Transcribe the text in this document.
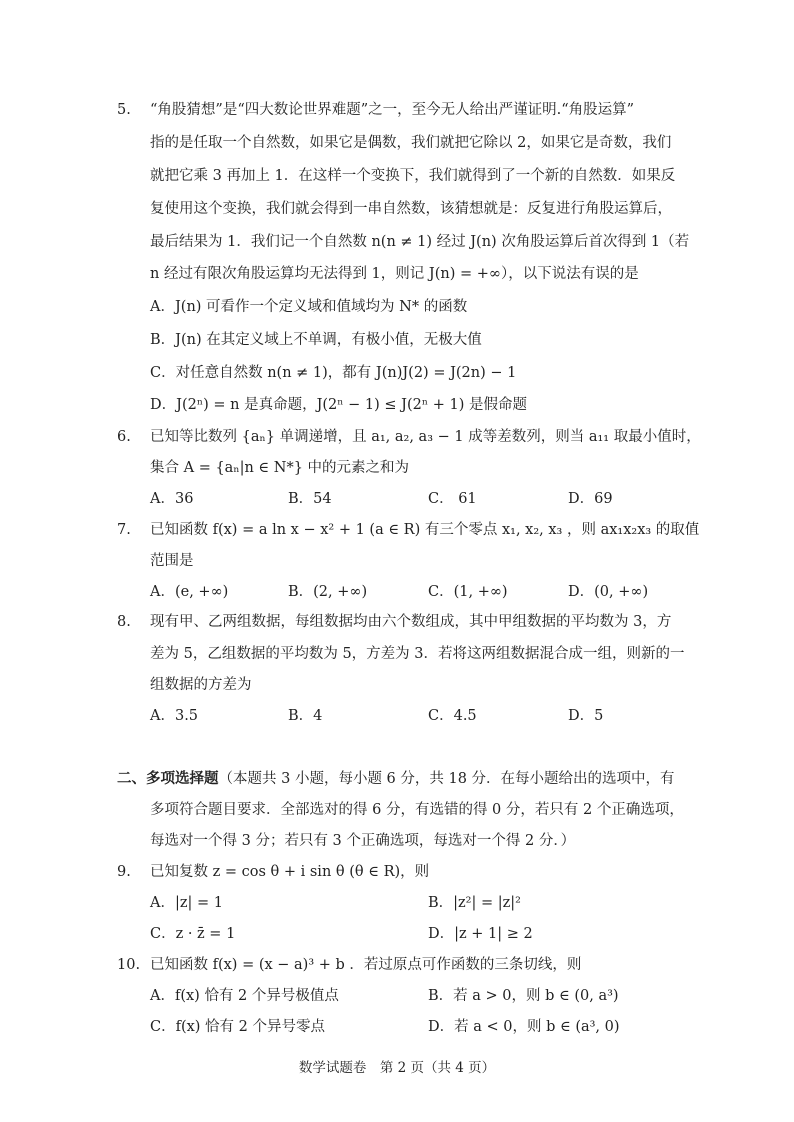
5. “角股猜想”是“四大数论世界难题”之一，至今无人给出严谨证明.“角股运算”
指的是任取一个自然数，如果它是偶数，我们就把它除以 2，如果它是奇数，我们
就把它乘 3 再加上 1．在这样一个变换下，我们就得到了一个新的自然数．如果反
复使用这个变换，我们就会得到一串自然数，该猜想就是：反复进行角股运算后，
最后结果为 1．我们记一个自然数 n(n ≠ 1) 经过 J(n) 次角股运算后首次得到 1（若
n 经过有限次角股运算均无法得到 1，则记 J(n) = +∞），以下说法有误的是
A．J(n) 可看作一个定义域和值域均为 N* 的函数
B．J(n) 在其定义域上不单调，有极小值，无极大值
C．对任意自然数 n(n ≠ 1)，都有 J(n)J(2) = J(2n) − 1
D．J(2ⁿ) = n 是真命题，J(2ⁿ − 1) ≤ J(2ⁿ + 1) 是假命题
6. 已知等比数列 {aₙ} 单调递增，且 a₁, a₂, a₃ − 1 成等差数列，则当 a₁₁ 取最小值时，
集合 A = {aₙ|n ∈ N*} 中的元素之和为
A．36	B．54	C． 61	D．69
7. 已知函数 f(x) = a ln x − x² + 1 (a ∈ R) 有三个零点 x₁, x₂, x₃ ，则 ax₁x₂x₃ 的取值
范围是
A．(e, +∞)	B．(2, +∞)	C．(1, +∞)	D．(0, +∞)
8. 现有甲、乙两组数据，每组数据均由六个数组成，其中甲组数据的平均数为 3，方
差为 5，乙组数据的平均数为 5，方差为 3．若将这两组数据混合成一组，则新的一
组数据的方差为
A．3.5	B．4	C．4.5	D．5
二、多项选择题（本题共 3 小题，每小题 6 分，共 18 分．在每小题给出的选项中，有
多项符合题目要求．全部选对的得 6 分，有选错的得 0 分，若只有 2 个正确选项，
每选对一个得 3 分；若只有 3 个正确选项，每选对一个得 2 分．）
9. 已知复数 z = cos θ + i sin θ (θ ∈ R)，则
A．|z| = 1	B．|z²| = |z|²
C．z · z̄ = 1	D．|z + 1| ≥ 2
10. 已知函数 f(x) = (x − a)³ + b ．若过原点可作函数的三条切线，则
A．f(x) 恰有 2 个异号极值点	B．若 a > 0，则 b ∈ (0, a³)
C．f(x) 恰有 2 个异号零点	D．若 a < 0，则 b ∈ (a³, 0)
数学试题卷　第 2 页（共 4 页）
